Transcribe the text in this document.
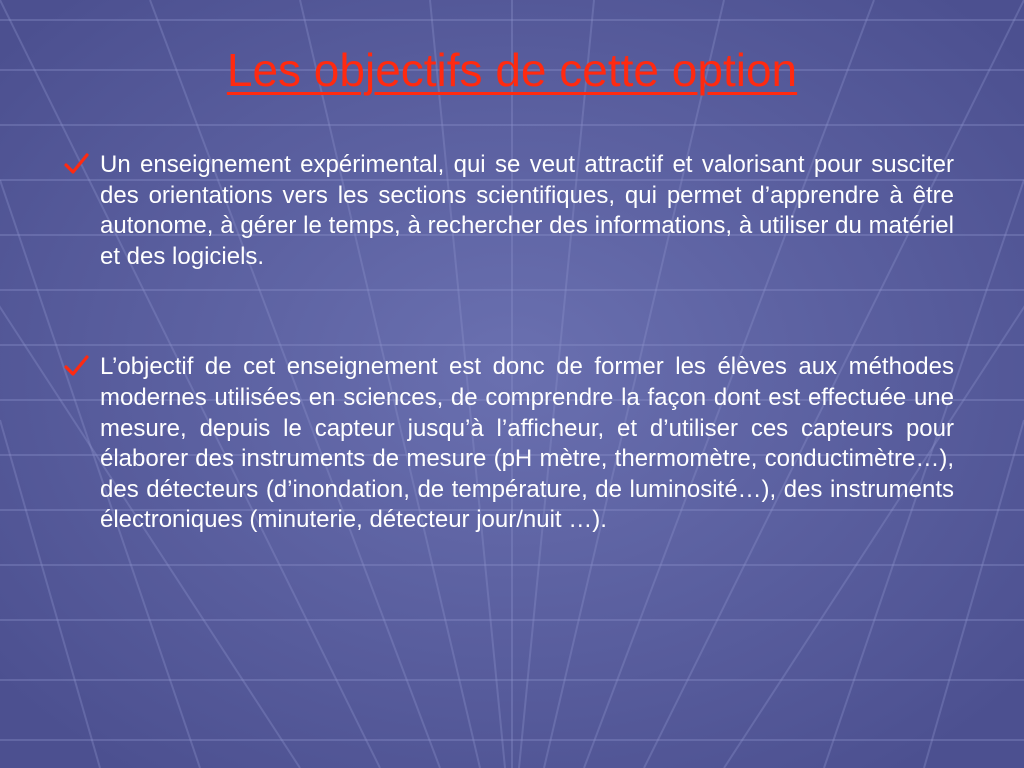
Les objectifs de cette option
Un enseignement expérimental, qui se veut attractif et valorisant pour susciter des orientations vers les sections scientifiques, qui permet d’apprendre à être autonome, à gérer le temps, à rechercher des informations, à utiliser du matériel et des logiciels.
L’objectif de cet enseignement est donc de former les élèves aux méthodes modernes utilisées en sciences, de comprendre la façon dont est effectuée une mesure, depuis le capteur jusqu’à l’afficheur, et d’utiliser ces capteurs pour élaborer des instruments de mesure (pH mètre, thermomètre, conductimètre…), des détecteurs (d’inondation, de température, de luminosité…), des instruments électroniques (minuterie, détecteur jour/nuit …).
